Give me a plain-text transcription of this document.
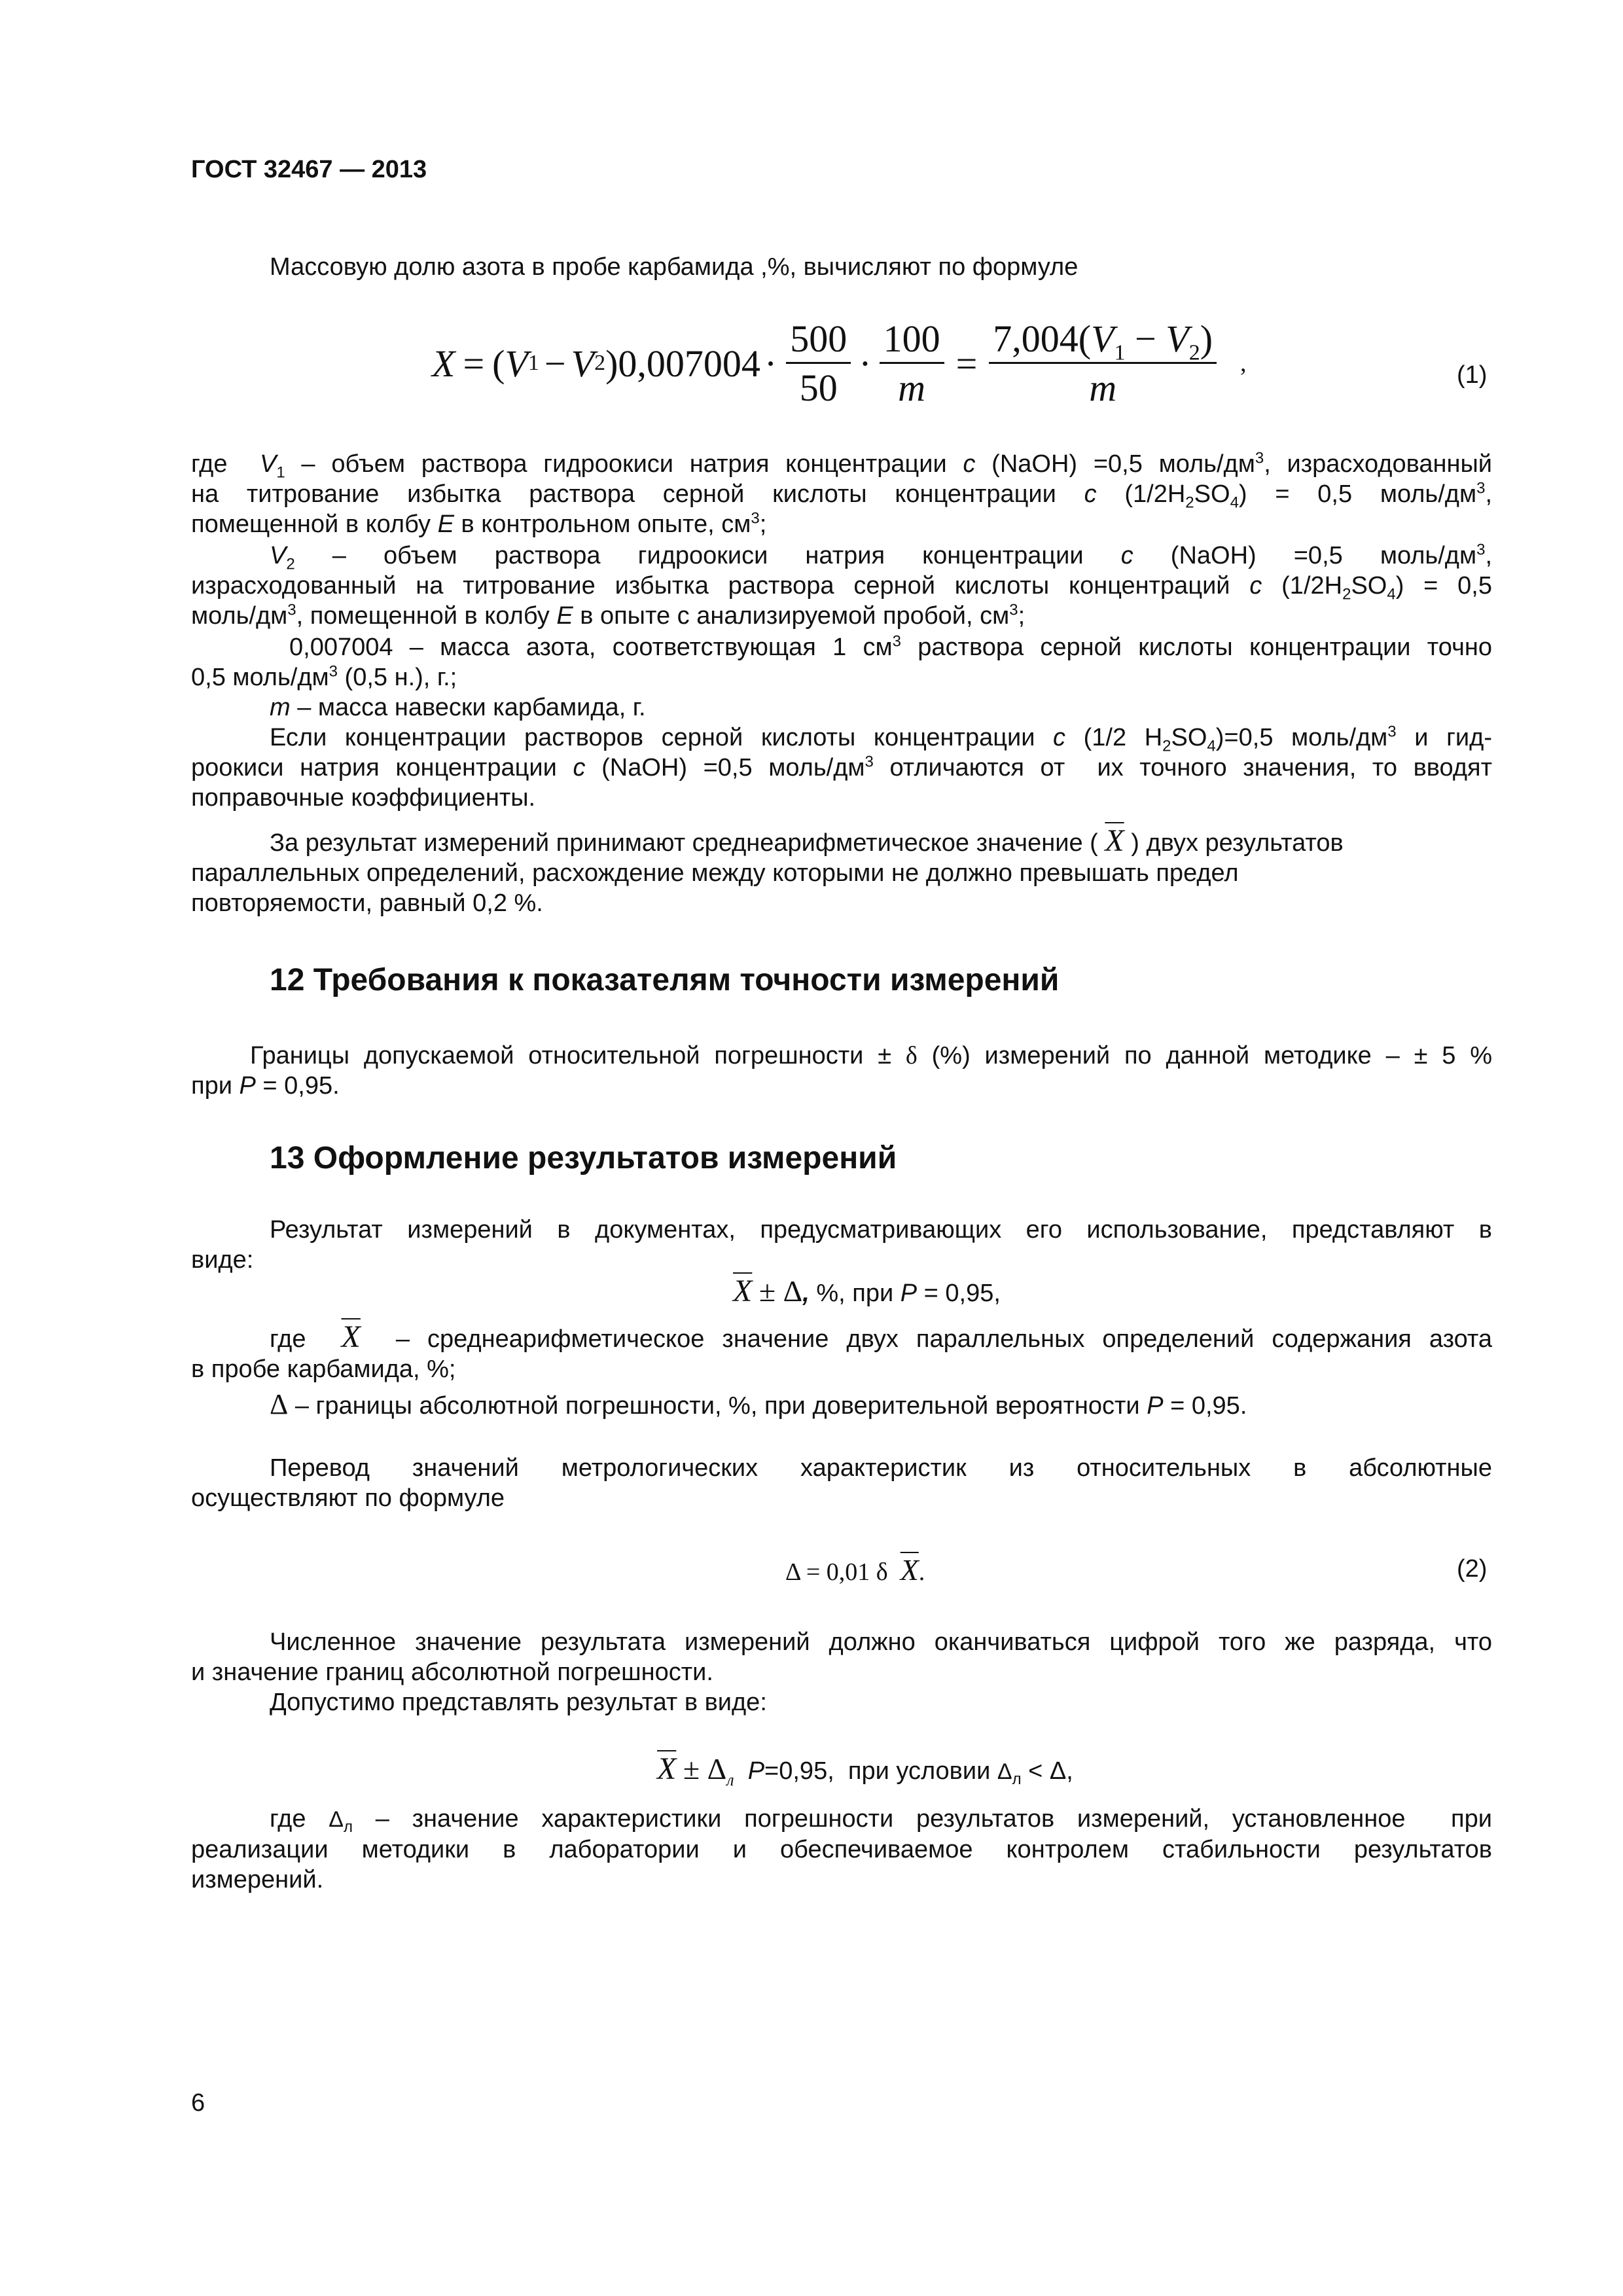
ГОСТ 32467 — 2013
Массовую долю азота в пробе карбамида ,%, вычисляют по формуле
X = ( V 1 − V 2 )$0,007004 \cdot \frac{500}{50} \cdot \frac{100}{m} = \frac{7,004(V_1 - V_2)}{m}$ ,	(1)
где  $V_1$ – объем раствора гидроокиси натрия концентрации с (NaOH) =0,5 моль/$дм^3$, израсходованный
на титрование избытка раствора серной кислоты концентрации с $(1/2H_2SO_4) = 0,5$ моль/$дм^3$,
помещенной в колбу Е в контрольном опыте, $см^3$;
$V_2$ – объем раствора гидроокиси натрия концентрации с (NaOH) =0,5 моль/$дм^3$,
израсходованный на титрование избытка раствора серной кислоты концентраций с $(1/2H_2SO_4) = 0,5$
моль/$дм^3$, помещенной в колбу Е в опыте с анализируемой пробой, $см^3$;
0,007004 – масса азота, соответствующая 1 $см^3$ раствора серной кислоты концентрации точно
0,5 моль/$дм^3$ (0,5 н.), г.;
m – масса навески карбамида, г.
Если концентрации растворов серной кислоты концентрации с (1/2 $H_2SO_4)=0,5$ моль/$дм^3$ и гид-
роокиси натрия концентрации с (NaOH) =0,5 моль/$дм^3$ отличаются от  их точного значения, то вводят
поправочные коэффициенты.
За результат измерений принимают среднеарифметическое значение ( $\overline{X}$ ) двух результатов
параллельных определений, расхождение между которыми не должно превышать предел
повторяемости, равный 0,2 %.
12 Требования к показателям точности измерений
Границы допускаемой относительной погрешности ± δ (%) измерений по данной методике – ± 5 %
при Р = 0,95.
13 Оформление результатов измерений
Результат измерений в документах, предусматривающих его использование, представляют в
виде:
$\overline{X} \pm \Delta$, %, при Р = 0,95,
где  $\overline{X}$  – среднеарифметическое значение двух параллельных определений содержания азота
в пробе карбамида, %;
Δ – границы абсолютной погрешности, %, при доверительной вероятности Р = 0,95.
Перевод значений метрологических характеристик из относительных в абсолютные
осуществляют по формуле
Δ = 0,01 δ  $\overline{X}$.	(2)
Численное значение результата измерений должно оканчиваться цифрой того же разряда, что
и значение границ абсолютной погрешности.
Допустимо представлять результат в виде:
$\overline{X} \pm \Delta_л$ Р=0,95,  при условии $\Delta_л < \Delta$,
где $\Delta_л$ – значение характеристики погрешности результатов измерений, установленное  при
реализации методики в лаборатории и обеспечиваемое контролем стабильности результатов
измерений.
6
